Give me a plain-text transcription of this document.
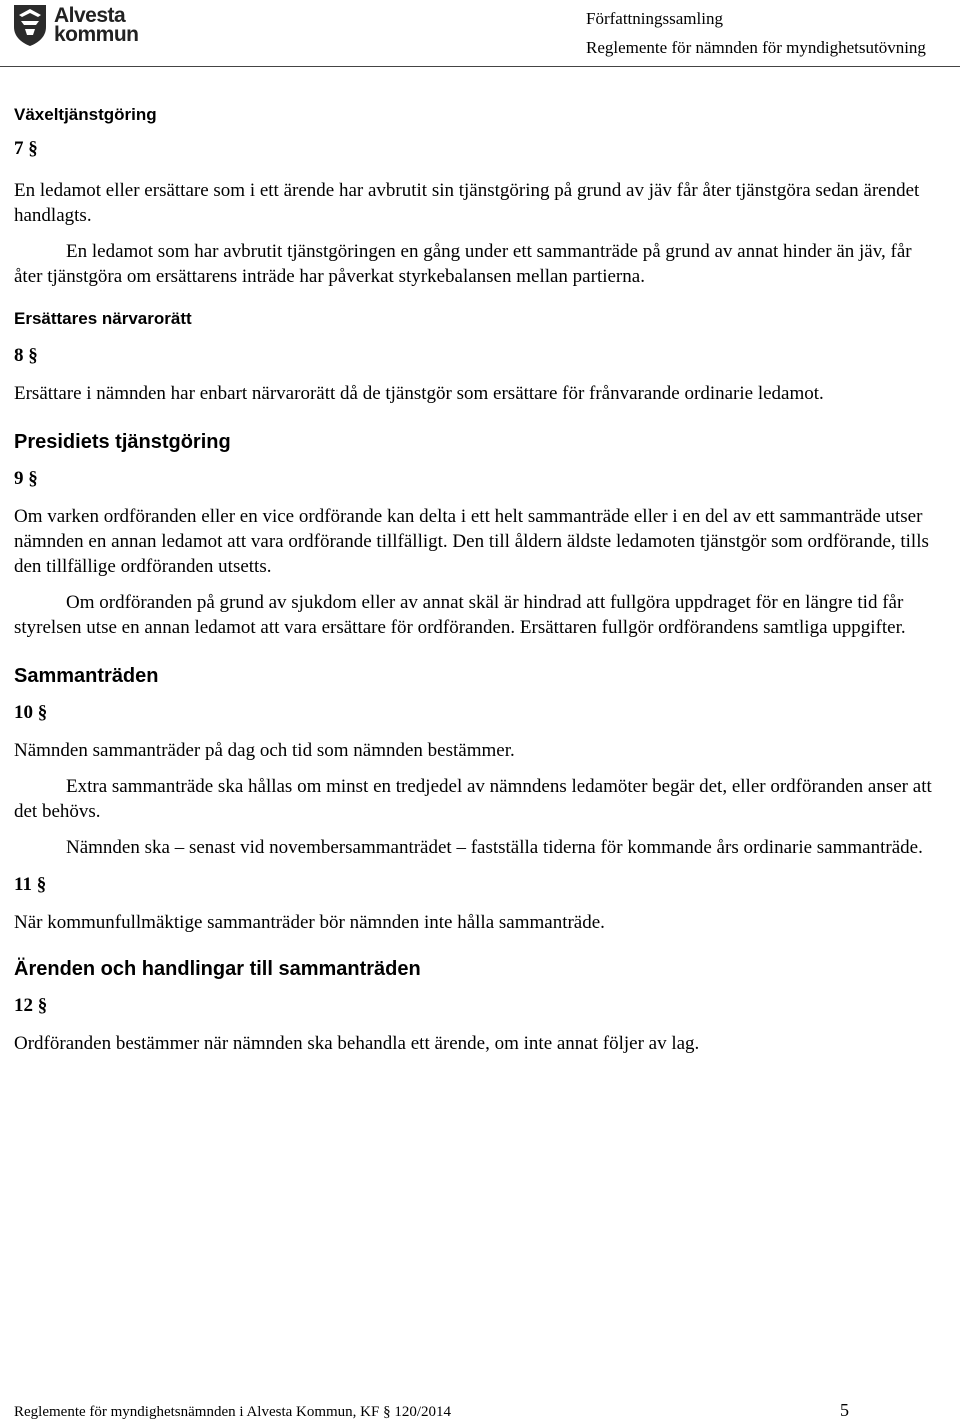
Alvesta
kommun
Författningssamling
Reglemente för nämnden för myndighetsutövning
Växeltjänstgöring
7 §

En ledamot eller ersättare som i ett ärende har avbrutit sin tjänstgöring på grund av jäv får åter tjänstgöra sedan ärendet handlagts.

En ledamot som har avbrutit tjänstgöringen en gång under ett sammanträde på grund av annat hinder än jäv, får åter tjänstgöra om ersättarens inträde har påverkat styrkebalansen mellan partierna.

Ersättares närvarorätt
8 §

Ersättare i nämnden har enbart närvarorätt då de tjänstgör som ersättare för frånvarande ordinarie ledamot.

Presidiets tjänstgöring
9 §

Om varken ordföranden eller en vice ordförande kan delta i ett helt sammanträde eller i en del av ett sammanträde utser nämnden en annan ledamot att vara ordförande tillfälligt. Den till åldern äldste ledamoten tjänstgör som ordförande, tills den tillfällige ordföranden utsetts.

Om ordföranden på grund av sjukdom eller av annat skäl är hindrad att fullgöra uppdraget för en längre tid får styrelsen utse en annan ledamot att vara ersättare för ordföranden. Ersättaren fullgör ordförandens samtliga uppgifter.

Sammanträden
10 §

Nämnden sammanträder på dag och tid som nämnden bestämmer.

Extra sammanträde ska hållas om minst en tredjedel av nämndens ledamöter begär det, eller ordföranden anser att det behövs.

Nämnden ska – senast vid novembersammanträdet – fastställa tiderna för kommande års ordinarie sammanträde.

11 §

När kommunfullmäktige sammanträder bör nämnden inte hålla sammanträde.

Ärenden och handlingar till sammanträden
12 §

Ordföranden bestämmer när nämnden ska behandla ett ärende, om inte annat följer av lag.

Reglemente för myndighetsnämnden i Alvesta Kommun, KF § 120/2014	5
